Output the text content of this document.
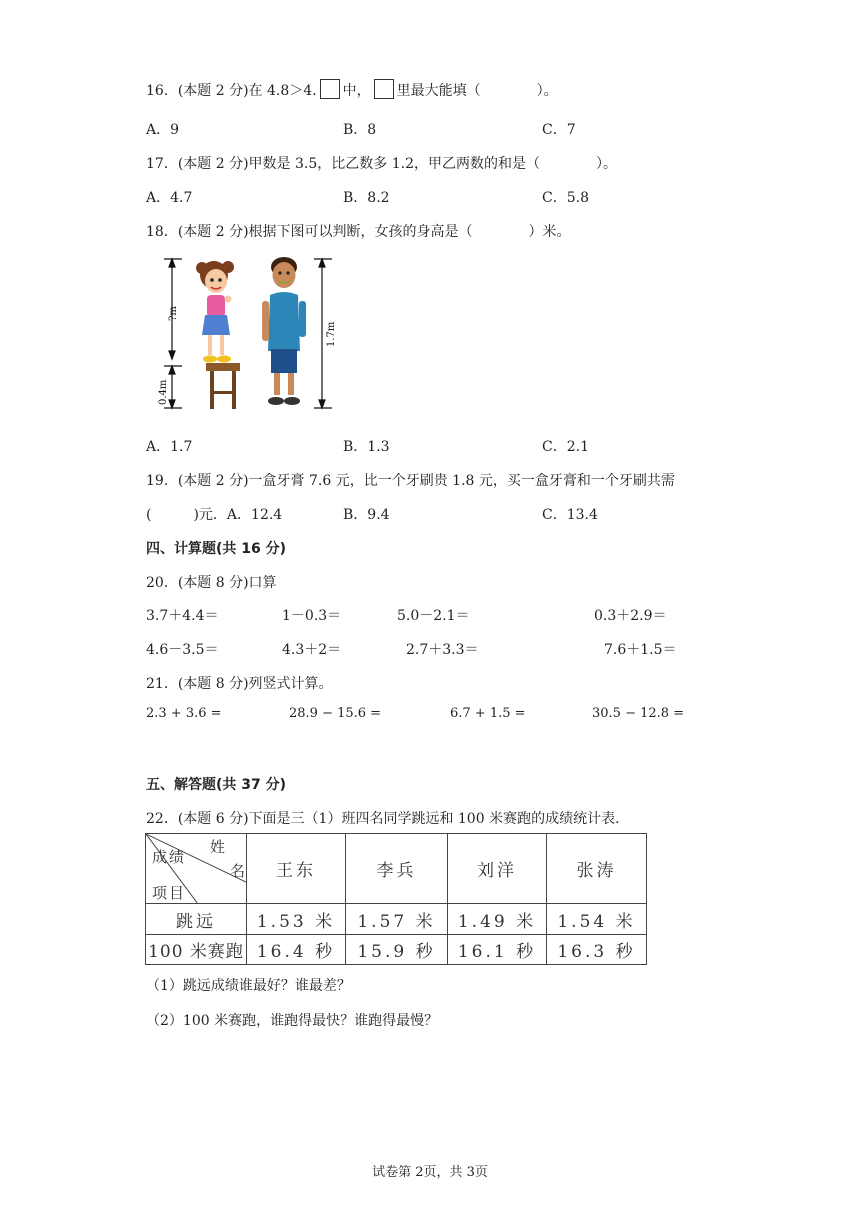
16．(本题 2 分)在 4.8＞4. 中， 里最大能填（　　　　）。
A．9	B．8	C．7
17．(本题 2 分)甲数是 3.5，比乙数多 1.2，甲乙两数的和是（　　　　）。
A．4.7	B．8.2	C．5.8
18．(本题 2 分)根据下图可以判断，女孩的身高是（　　　　）米。
?m
0.4m
1.7m
A．1.7	B．1.3	C．2.1
19．(本题 2 分)一盒牙膏 7.6 元，比一个牙刷贵 1.8 元，买一盒牙膏和一个牙刷共需
(　　　)元．A．12.4	B．9.4	C．13.4
四、计算题(共 16 分)
20．(本题 8 分)口算
3.7＋4.4＝	1－0.3＝	5.0－2.1＝	0.3＋2.9＝
4.6－3.5＝	4.3＋2＝	2.7＋3.3＝	7.6＋1.5＝
21．(本题 8 分)列竖式计算。
2.3 + 3.6 =	28.9 − 15.6 =	6.7 + 1.5 =	30.5 − 12.8 =
五、解答题(共 37 分)
22．(本题 6 分)下面是三（1）班四名同学跳远和 100 米赛跑的成绩统计表.
姓
名
成绩
项目	王东	李兵	刘洋	张涛
跳远	1.53 米	1.57 米	1.49 米	1.54 米
100 米赛跑	16.4 秒	15.9 秒	16.1 秒	16.3 秒
（1）跳远成绩谁最好？谁最差？
（2）100 米赛跑，谁跑得最快？谁跑得最慢？
试卷第 2页，共 3页
